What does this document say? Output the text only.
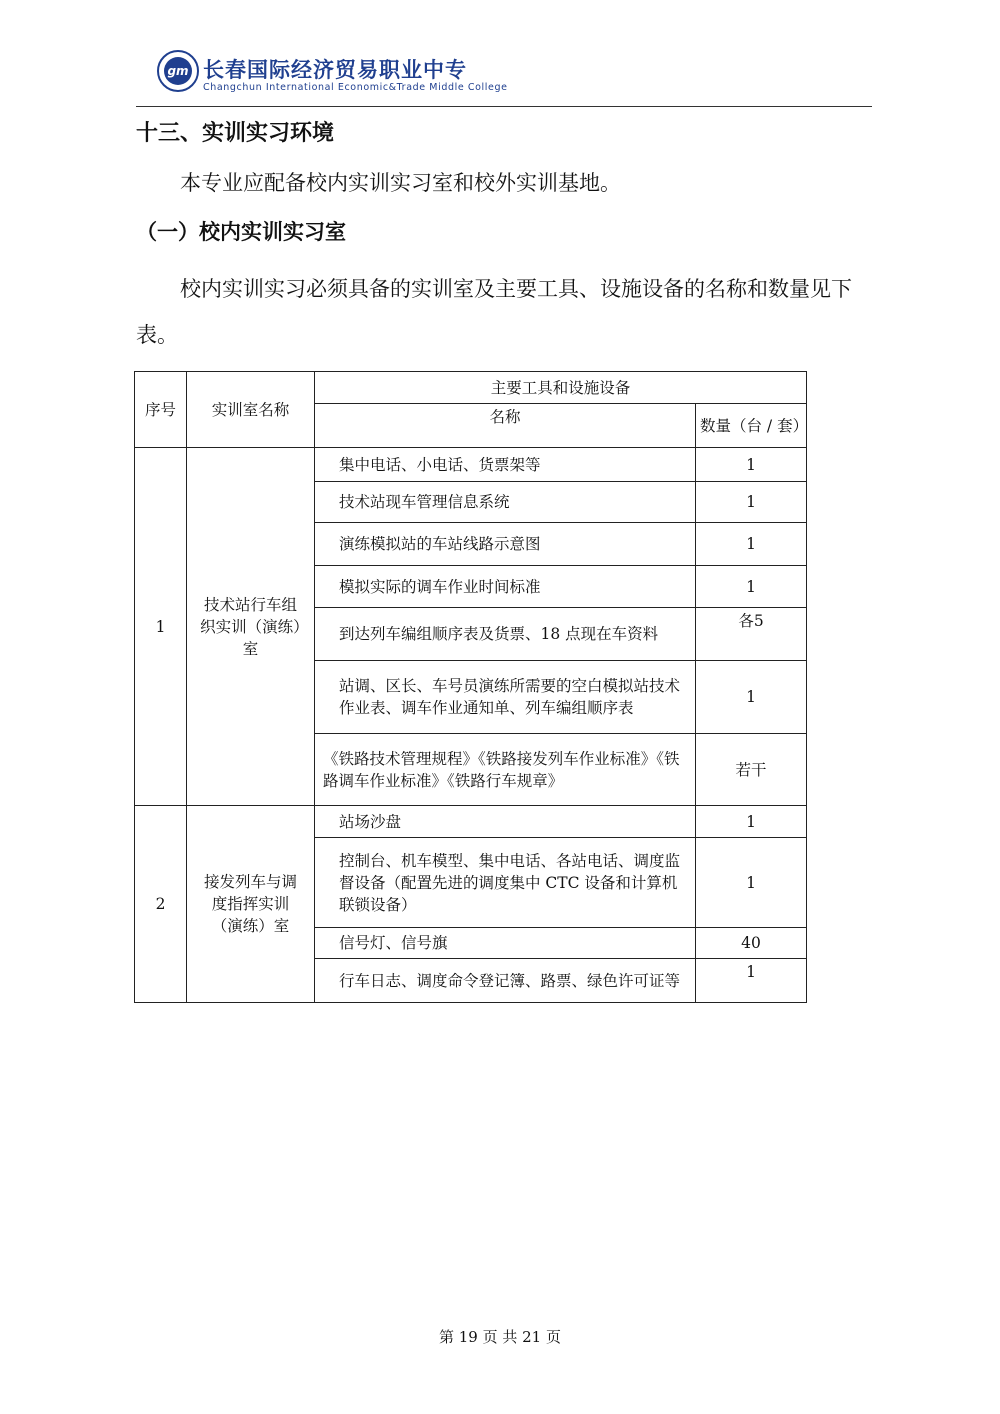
gm 长春国际经济贸易职业中专
Changchun International Economic&Trade Middle College
十三、实训实习环境
本专业应配备校内实训实习室和校外实训基地。
（一）校内实训实习室

校内实训实习必须具备的实训室及主要工具、设施设备的名称和数量见下表。

序号	实训室名称	主要工具和设施设备	
		名称	数量（台 / 套）
1	技术站行车组织实训（演练）室	集中电话、小电话、货票架等	1
		技术站现车管理信息系统	1
		演练模拟站的车站线路示意图	1
		模拟实际的调车作业时间标准	1
		到达列车编组顺序表及货票、18 点现在车资料	各5
		站调、区长、车号员演练所需要的空白模拟站技术作业表、调车作业通知单、列车编组顺序表	1
		《铁路技术管理规程》《铁路接发列车作业标准》《铁路调车作业标准》《铁路行车规章》	若干
2	接发列车与调度指挥实训（演练）室	站场沙盘	1
		控制台、机车模型、集中电话、各站电话、调度监督设备（配置先进的调度集中 CTC 设备和计算机联锁设备）	1
		信号灯、信号旗	40
		行车日志、调度命令登记簿、路票、绿色许可证等	1
第 19 页 共 21 页
